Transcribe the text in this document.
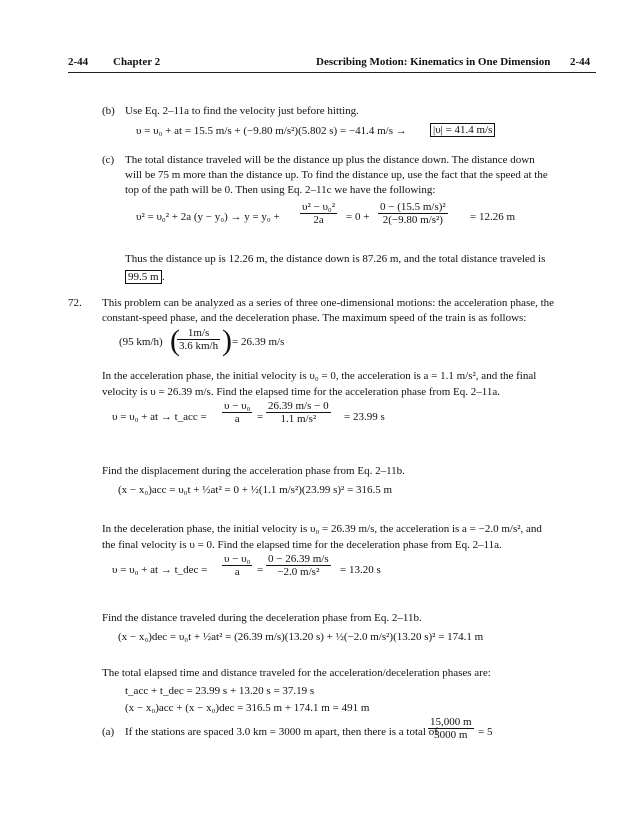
2-44 Chapter 2	Describing Motion: Kinematics in One Dimension 2-44
(b) Use Eq. 2–11a to find the velocity just before hitting.
υ = υ₀ + at = 15.5 m/s + (−9.80 m/s²)(5.802 s) = −41.4 m/s → |υ| = 41.4 m/s
(c) The total distance traveled will be the distance up plus the distance down. The distance down
will be 75 m more than the distance up. To find the distance up, use the fact that the speed at the
top of the path will be 0. Then using Eq. 2–11c we have the following:
υ² = υ₀² + 2a $(y - y_0) \to y = y_0 + \frac{\text{υ² − υ₀²}}{2a} = 0 + \frac{\text{0 − (15.5 m/s)²}}{\text{2(−9.80 m/s²)}} = 12.26$ m
Thus the distance up is 12.26 m, the distance down is 87.26 m, and the total distance traveled is
99.5 m .
72. This problem can be analyzed as a series of three one-dimensional motions: the acceleration phase, the
constant-speed phase, and the deceleration phase. The maximum speed of the train is as follows:
(95 km/h) (
$\frac{1m/s}{3.6 km/h}$ ) = 26.39 m/s
In the acceleration phase, the initial velocity is υ₀ = 0, the acceleration is a = 1.1 m/s², and the final
velocity is υ = 26.39 m/s. Find the elapsed time for the acceleration phase from Eq. 2–11a.
υ = υ₀ + at → t_acc = $\frac{\text{υ − υ₀}}{a} = \frac{26.39 m/s - 0}{\text{1.1 m/s²}} = 23.99$ s
Find the displacement during the acceleration phase from Eq. 2–11b.
(x − x₀)acc = υ₀t + ½at² = 0 + ½(1.1 m/s²)(23.99 s)² = 316.5 m
In the deceleration phase, the initial velocity is υ₀ = 26.39 m/s, the acceleration is a = −2.0 m/s², and
the final velocity is υ = 0. Find the elapsed time for the deceleration phase from Eq. 2–11a.
υ = υ₀ + at → t_dec = $\frac{\text{υ − υ₀}}{a} = \frac{0 - 26.39 m/s}{\text{−2.0 m/s²}} = 13.20$ s
Find the distance traveled during the deceleration phase from Eq. 2–11b.
(x − x₀)dec = υ₀t + ½at² = (26.39 m/s)(13.20 s) + ½(−2.0 m/s²)(13.20 s)² = 174.1 m
The total elapsed time and distance traveled for the acceleration/deceleration phases are:
t_acc + t_dec = 23.99 s + 13.20 s = 37.19 s
(x − x₀)acc + (x − x₀)dec = 316.5 m + 174.1 m = 491 m
(a) If the stations are spaced 3.0 km = 3000 m apart, then there is a total of
$\frac{15,000 m}{3000 m} = 5$
